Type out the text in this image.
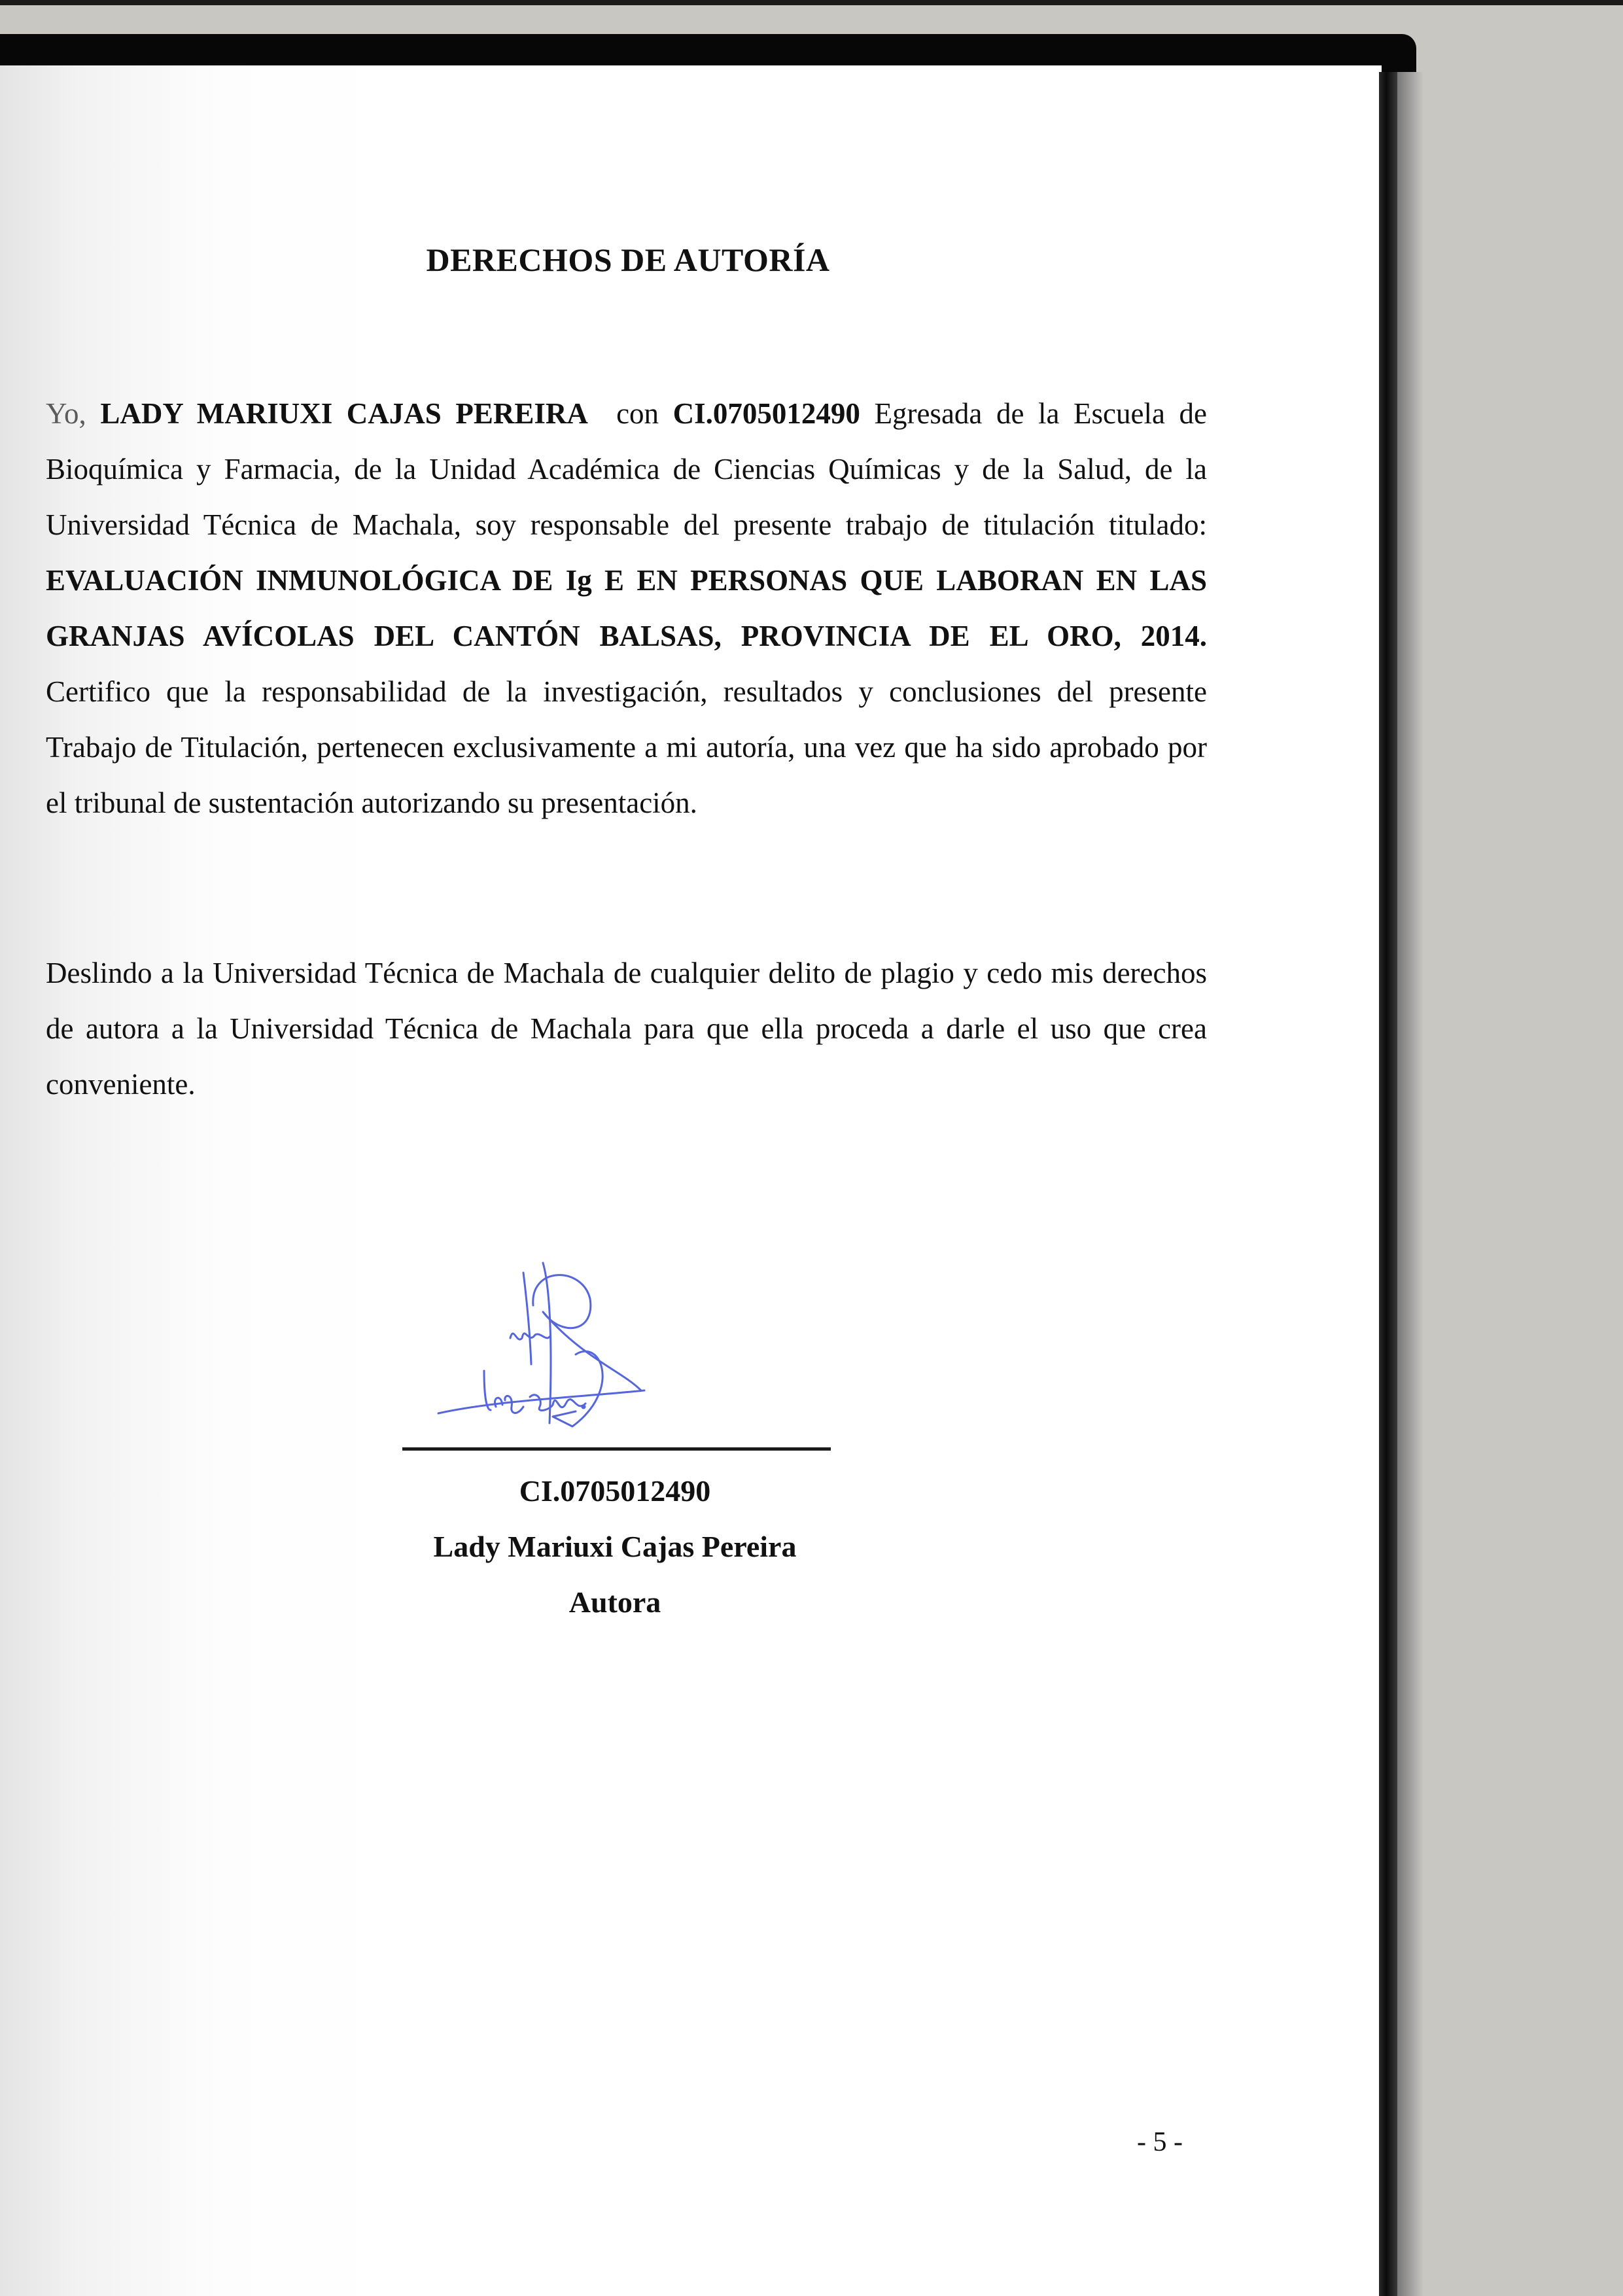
DERECHOS DE AUTORÍA
Yo, LADY MARIUXI CAJAS PEREIRA con CI.0705012490 Egresada de la Escuela de Bioquímica y Farmacia, de la Unidad Académica de Ciencias Químicas y de la Salud, de la Universidad Técnica de Machala, soy responsable del presente trabajo de titulación titulado: EVALUACIÓN INMUNOLÓGICA DE Ig E EN PERSONAS QUE LABORAN EN LAS GRANJAS AVÍCOLAS DEL CANTÓN BALSAS, PROVINCIA DE EL ORO, 2014. Certifico que la responsabilidad de la investigación, resultados y conclusiones del presente Trabajo de Titulación, pertenecen exclusivamente a mi autoría, una vez que ha sido aprobado por el tribunal de sustentación autorizando su presentación.
Deslindo a la Universidad Técnica de Machala de cualquier delito de plagio y cedo mis derechos de autora a la Universidad Técnica de Machala para que ella proceda a darle el uso que crea conveniente.
CI.0705012490
Lady Mariuxi Cajas Pereira
Autora
- 5 -
